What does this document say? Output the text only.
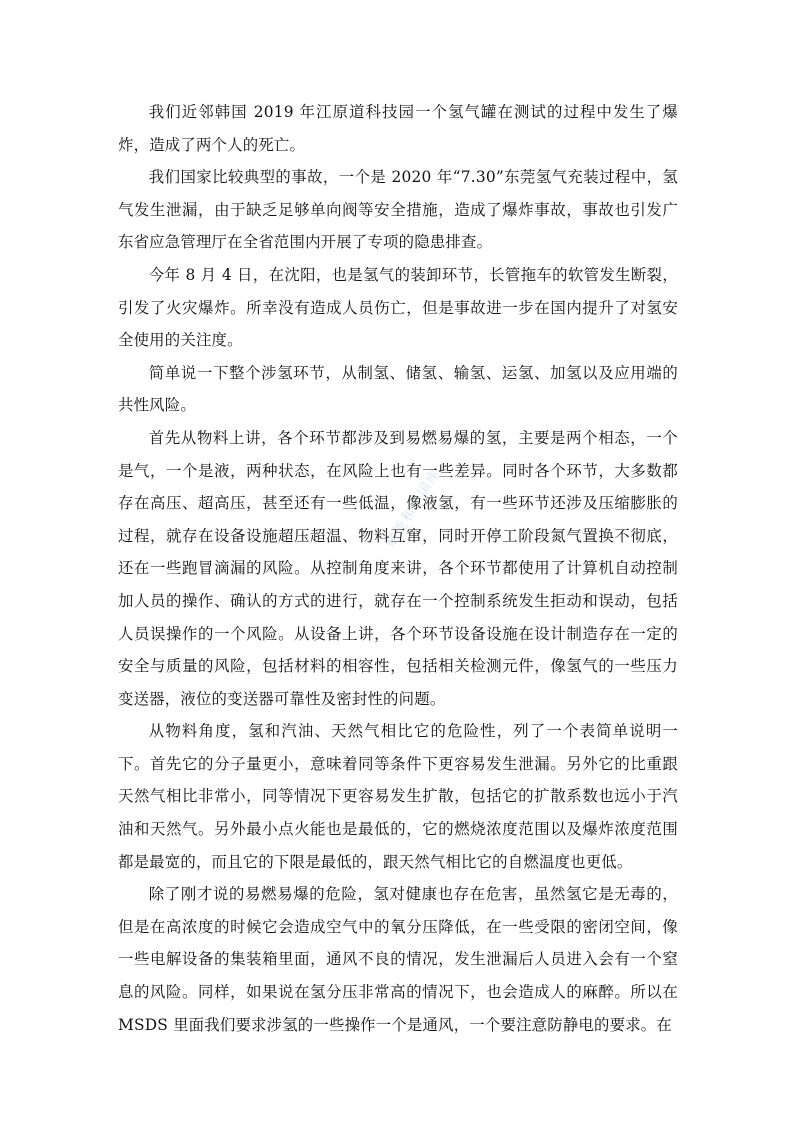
我们近邻韩国 2019 年江原道科技园一个氢气罐在测试的过程中发生了爆炸，造成了两个人的死亡。

我们国家比较典型的事故，一个是 2020 年“7.30”东莞氢气充装过程中，氢气发生泄漏，由于缺乏足够单向阀等安全措施，造成了爆炸事故，事故也引发广东省应急管理厅在全省范围内开展了专项的隐患排查。

今年 8 月 4 日，在沈阳，也是氢气的装卸环节，长管拖车的软管发生断裂，引发了火灾爆炸。所幸没有造成人员伤亡，但是事故进一步在国内提升了对氢安全使用的关注度。

简单说一下整个涉氢环节，从制氢、储氢、输氢、运氢、加氢以及应用端的共性风险。

首先从物料上讲，各个环节都涉及到易燃易爆的氢，主要是两个相态，一个是气，一个是液，两种状态，在风险上也有一些差异。同时各个环节，大多数都存在高压、超高压，甚至还有一些低温，像液氢，有一些环节还涉及压缩膨胀的过程，就存在设备设施超压超温、物料互窜，同时开停工阶段氮气置换不彻底，还在一些跑冒滴漏的风险。从控制角度来讲，各个环节都使用了计算机自动控制加人员的操作、确认的方式的进行，就存在一个控制系统发生拒动和误动，包括人员误操作的一个风险。从设备上讲，各个环节设备设施在设计制造存在一定的安全与质量的风险，包括材料的相容性，包括相关检测元件，像氢气的一些压力变送器，液位的变送器可靠性及密封性的问题。

从物料角度，氢和汽油、天然气相比它的危险性，列了一个表简单说明一下。首先它的分子量更小，意味着同等条件下更容易发生泄漏。另外它的比重跟天然气相比非常小，同等情况下更容易发生扩散，包括它的扩散系数也远小于汽油和天然气。另外最小点火能也是最低的，它的燃烧浓度范围以及爆炸浓度范围都是最宽的，而且它的下限是最低的，跟天然气相比它的自燃温度也更低。

除了刚才说的易燃易爆的危险，氢对健康也存在危害，虽然氢它是无毒的，但是在高浓度的时候它会造成空气中的氧分压降低，在一些受限的密闭空间，像一些电解设备的集装箱里面，通风不良的情况，发生泄漏后人员进入会有一个窒息的风险。同样，如果说在氢分压非常高的情况下，也会造成人的麻醉。所以在 MSDS 里面我们要求涉氢的一些操作一个是通风，一个要注意防静电的要求。在

赋能和中国库
